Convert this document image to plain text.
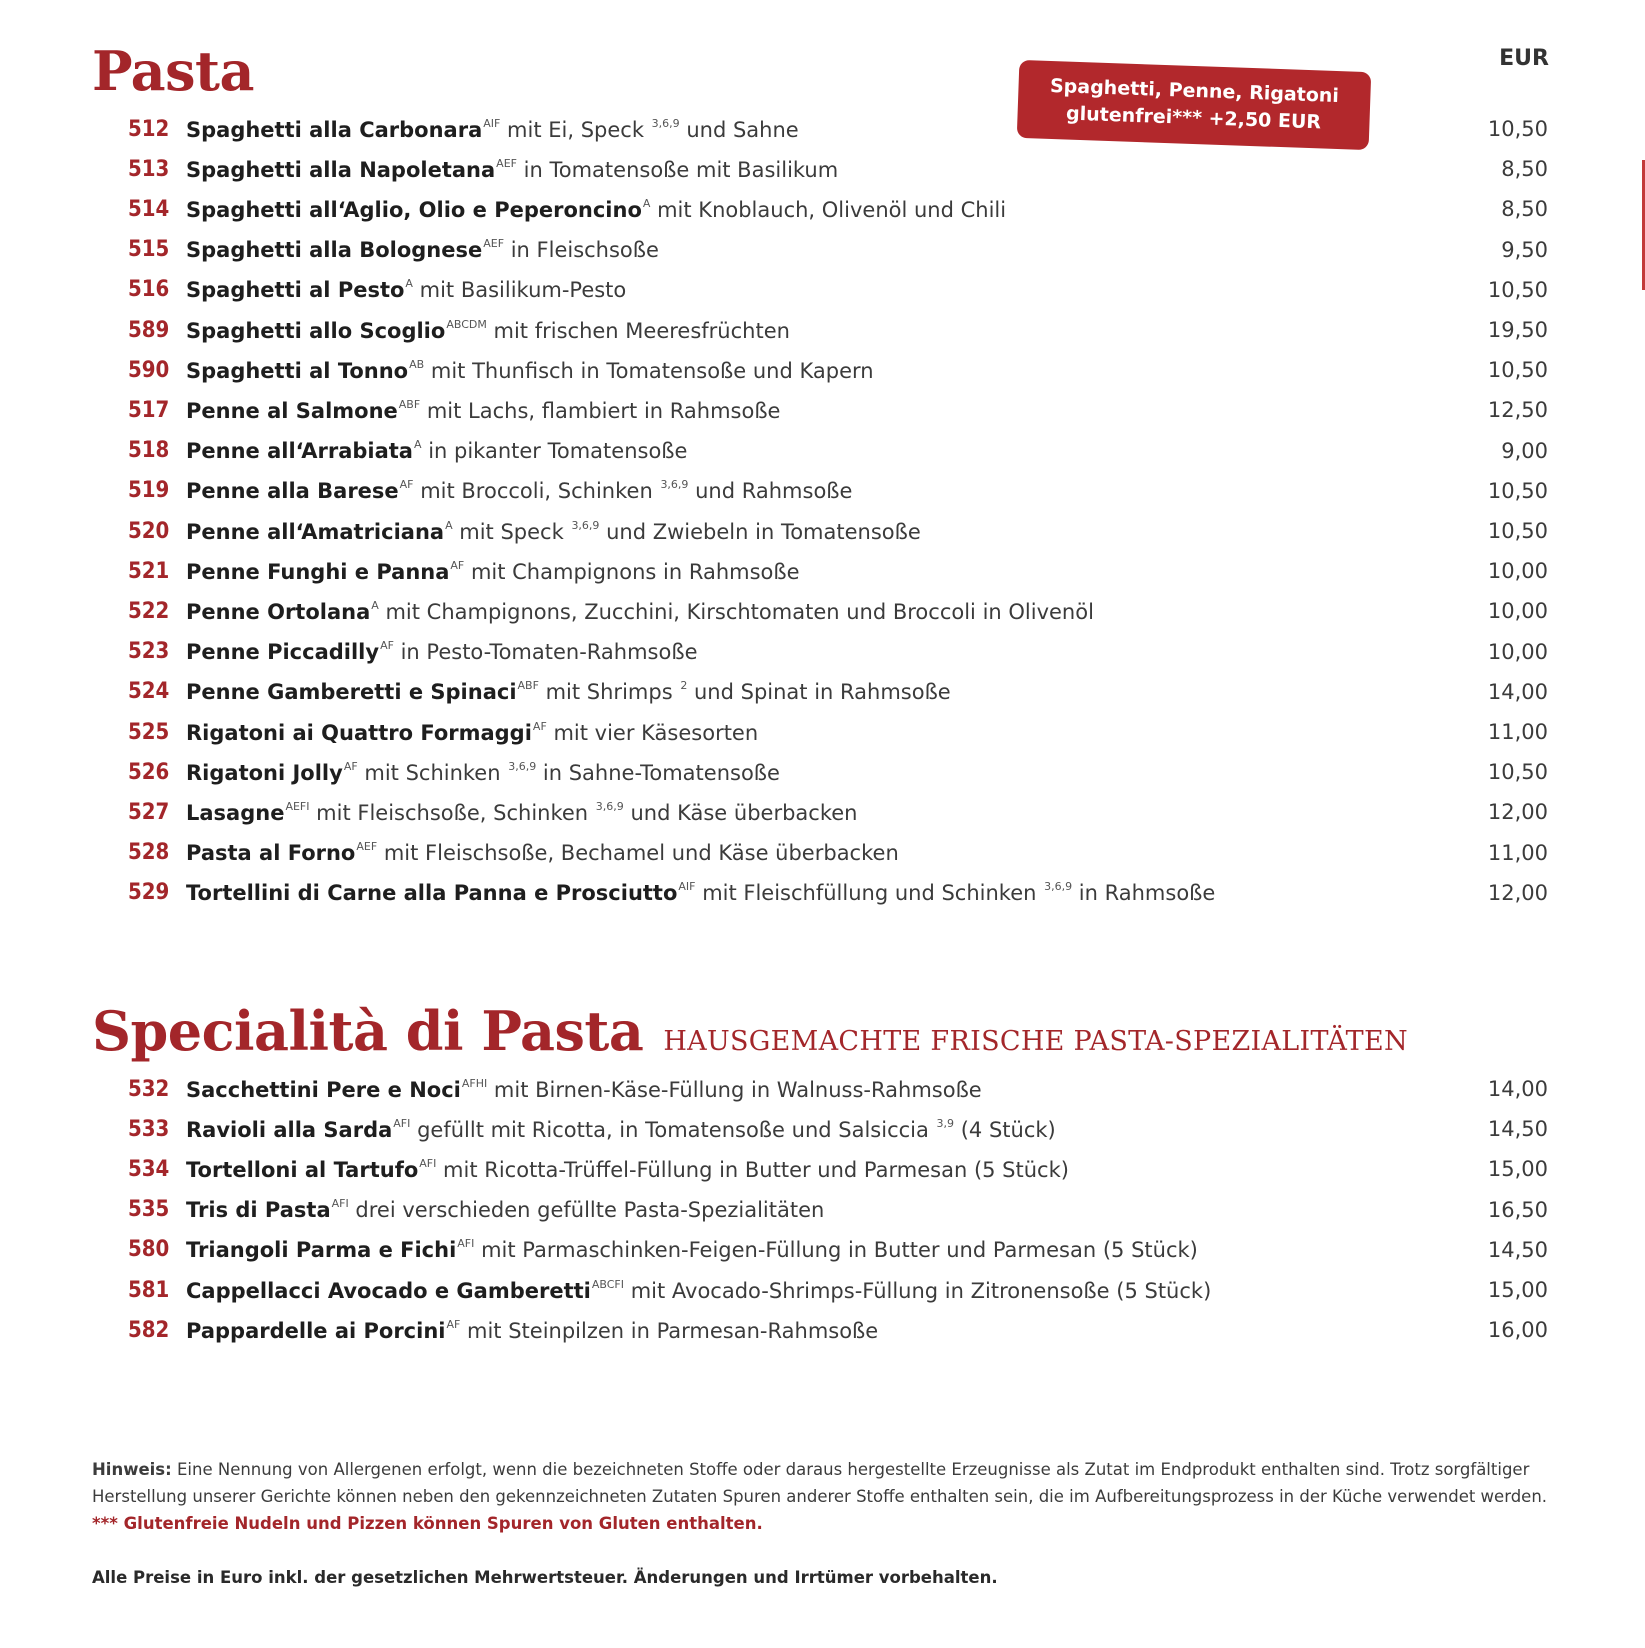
Pasta	EUR
Spaghetti, Penne, Rigatoni
glutenfrei*** +2,50 EUR
512 Spaghetti alla Carbonara$^{AIF}$ mit Ei, Speck $^{3,6,9}$ und Sahne	10,50
513 Spaghetti alla Napoletana$^{AEF}$ in Tomatensoße mit Basilikum	8,50
514 Spaghetti all‘Aglio, Olio e Peperoncino$^A$ mit Knoblauch, Olivenöl und Chili	8,50
515 Spaghetti alla Bolognese$^{AEF}$ in Fleischsoße	9,50
516 Spaghetti al Pesto$^A$ mit Basilikum-Pesto	10,50
589 Spaghetti allo Scoglio$^{ABCDM}$ mit frischen Meeresfrüchten	19,50
590 Spaghetti al Tonno$^{AB}$ mit Thunfisch in Tomatensoße und Kapern	10,50
517 Penne al Salmone$^{ABF}$ mit Lachs, flambiert in Rahmsoße	12,50
518 Penne all‘Arrabiata$^A$ in pikanter Tomatensoße	9,00
519 Penne alla Barese$^{AF}$ mit Broccoli, Schinken $^{3,6,9}$ und Rahmsoße	10,50
520 Penne all‘Amatriciana$^A$ mit Speck $^{3,6,9}$ und Zwiebeln in Tomatensoße	10,50
521 Penne Funghi e Panna$^{AF}$ mit Champignons in Rahmsoße	10,00
522 Penne Ortolana$^A$ mit Champignons, Zucchini, Kirschtomaten und Broccoli in Olivenöl	10,00
523 Penne Piccadilly$^{AF}$ in Pesto-Tomaten-Rahmsoße	10,00
524 Penne Gamberetti e Spinaci$^{ABF}$ mit Shrimps $^2$ und Spinat in Rahmsoße	14,00
525 Rigatoni ai Quattro Formaggi$^{AF}$ mit vier Käsesorten	11,00
526 Rigatoni Jolly$^{AF}$ mit Schinken $^{3,6,9}$ in Sahne-Tomatensoße	10,50
527 Lasagne$^{AEFI}$ mit Fleischsoße, Schinken $^{3,6,9}$ und Käse überbacken	12,00
528 Pasta al Forno$^{AEF}$ mit Fleischsoße, Bechamel und Käse überbacken	11,00
529 Tortellini di Carne alla Panna e Prosciutto$^{AIF}$ mit Fleischfüllung und Schinken $^{3,6,9}$ in Rahmsoße	12,00
Specialità di Pasta HAUSGEMACHTE FRISCHE PASTA-SPEZIALITÄTEN
532 Sacchettini Pere e Noci$^{AFHI}$ mit Birnen-Käse-Füllung in Walnuss-Rahmsoße	14,00
533 Ravioli alla Sarda$^{AFI}$ gefüllt mit Ricotta, in Tomatensoße und Salsiccia $^{3,9}$ (4 Stück)	14,50
534 Tortelloni al Tartufo$^{AFI}$ mit Ricotta-Trüffel-Füllung in Butter und Parmesan (5 Stück)	15,00
535 Tris di Pasta$^{AFI}$ drei verschieden gefüllte Pasta-Spezialitäten	16,50
580 Triangoli Parma e Fichi$^{AFI}$ mit Parmaschinken-Feigen-Füllung in Butter und Parmesan (5 Stück)	14,50
581 Cappellacci Avocado e Gamberetti$^{ABCFI}$ mit Avocado-Shrimps-Füllung in Zitronensoße (5 Stück)	15,00
582 Pappardelle ai Porcini$^{AF}$ mit Steinpilzen in Parmesan-Rahmsoße	16,00
Hinweis: Eine Nennung von Allergenen erfolgt, wenn die bezeichneten Stoffe oder daraus hergestellte Erzeugnisse als Zutat im Endprodukt enthalten sind. Trotz sorgfältiger Herstellung unserer Gerichte können neben den gekennzeichneten Zutaten Spuren anderer Stoffe enthalten sein, die im Aufbereitungsprozess in der Küche verwendet werden.
*** Glutenfreie Nudeln und Pizzen können Spuren von Gluten enthalten.
Alle Preise in Euro inkl. der gesetzlichen Mehrwertsteuer. Änderungen und Irrtümer vorbehalten.
